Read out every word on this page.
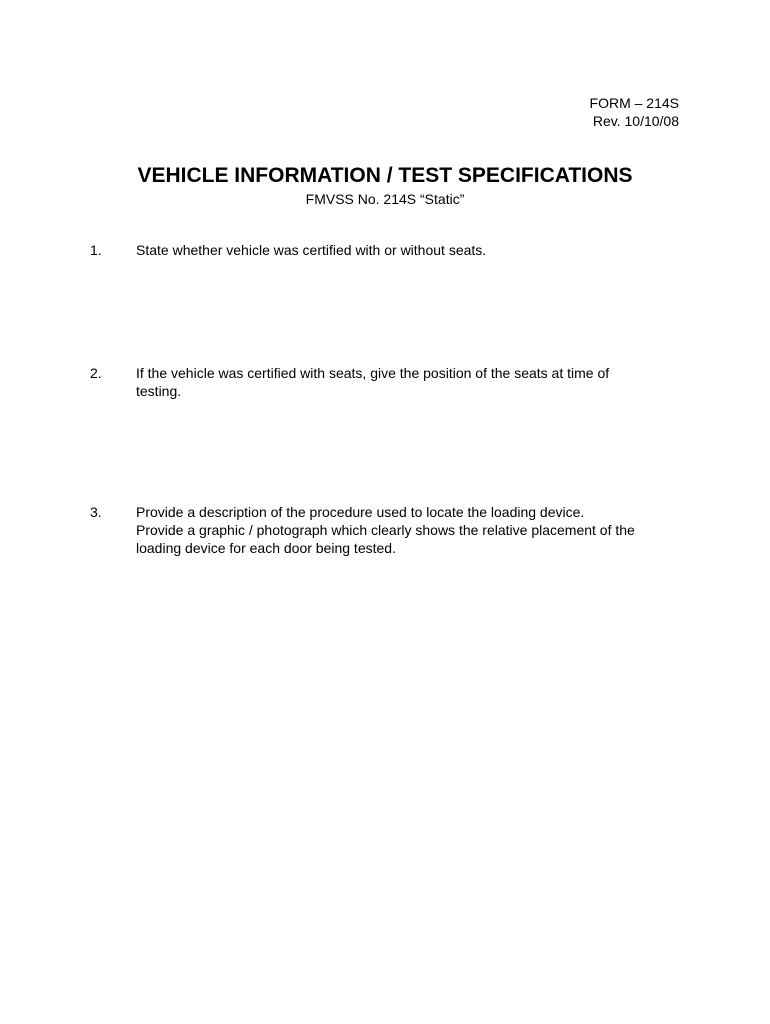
FORM – 214S
Rev. 10/10/08
VEHICLE INFORMATION / TEST SPECIFICATIONS
FMVSS No. 214S “Static”
1. State whether vehicle was certified with or without seats.
2. If the vehicle was certified with seats, give the position of the seats at time of
testing.
3. Provide a description of the procedure used to locate the loading device.
Provide a graphic / photograph which clearly shows the relative placement of the
loading device for each door being tested.
